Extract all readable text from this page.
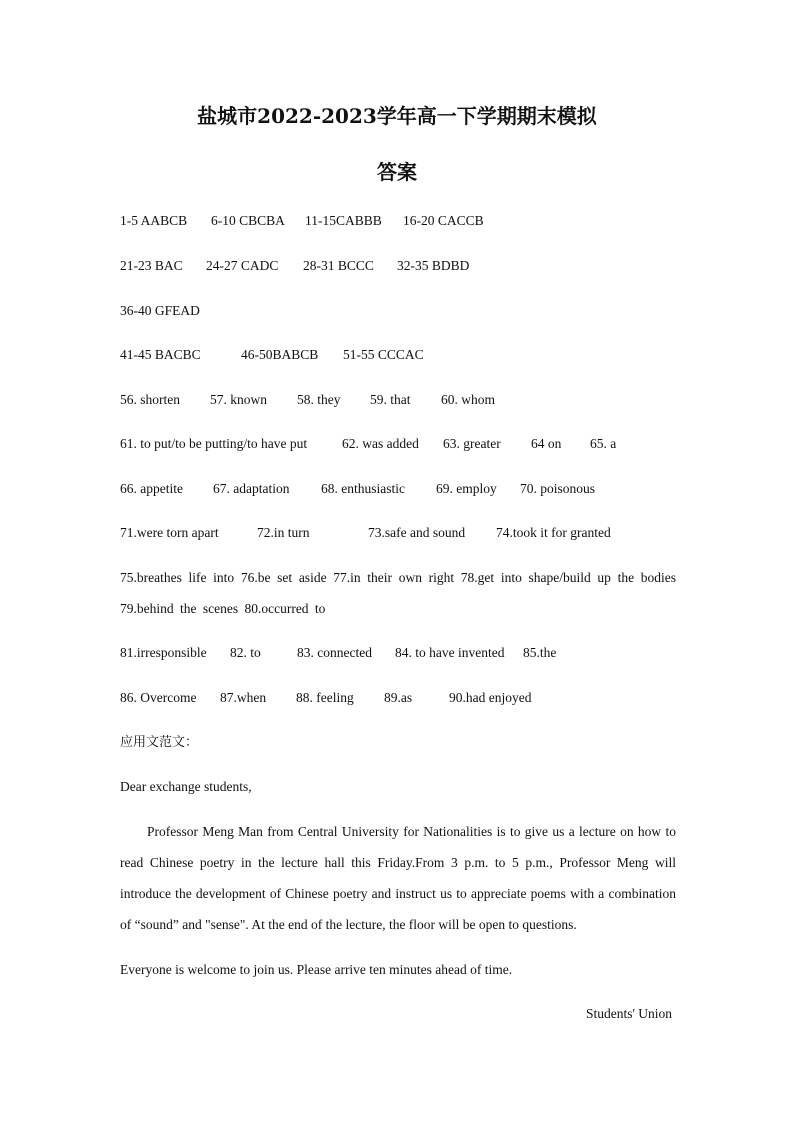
盐城市2022-2023学年高一下学期期末模拟
答案
1-5 AABCB 6-10 CBCBA 11-15CABBB 16-20 CACCB
21-23 BAC 24-27 CADC 28-31 BCCC 32-35 BDBD
36-40 GFEAD
41-45 BACBC	46-50BABCB 51-55 CCCAC
56. shorten 57. known 58. they 59. that 60. whom
61. to put/to be putting/to have put	62. was added 63. greater 64 on 65. a
66. appetite 67. adaptation 68. enthusiastic 69. employ 70. poisonous
71.were torn apart	72.in turn	73.safe and sound 74.took it for granted

75.breathes life into 76.be set aside 77.in their own right 78.get into shape/build up the bodies 79.behind the scenes 80.occurred to

81.irresponsible 82. to	83. connected 84. to have invented 85.the
86. Overcome 87.when 88. feeling 89.as	90.had enjoyed
应用文范文：
Dear exchange students,

Professor Meng Man from Central University for Nationalities is to give us a lecture on how to read Chinese poetry in the lecture hall this Friday.From 3 p.m. to 5 p.m., Professor Meng will introduce the development of Chinese poetry and instruct us to appreciate poems with a combination of “sound” and "sense". At the end of the lecture, the floor will be open to questions.

Everyone is welcome to join us. Please arrive ten minutes ahead of time.
Students' Union
